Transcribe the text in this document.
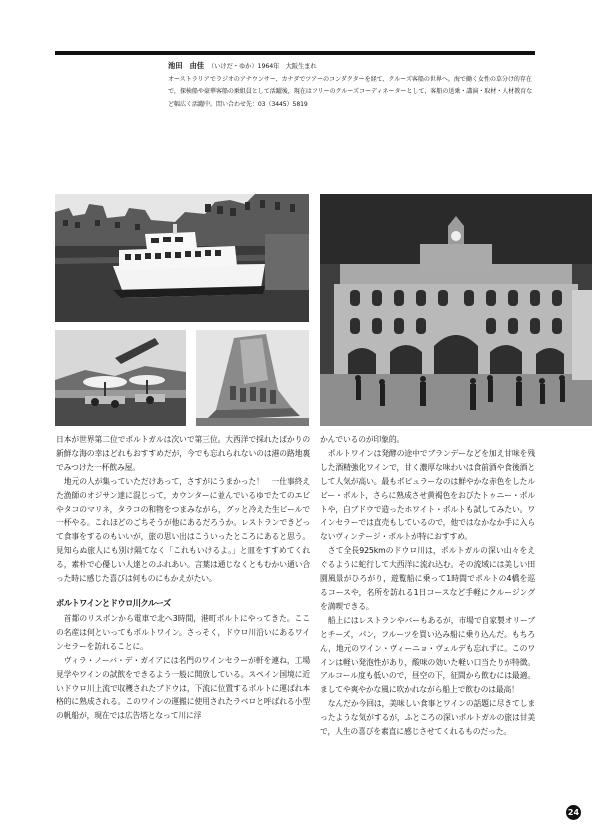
池田　由佳 （いけだ・ゆか）1964年　大阪生まれ
オーストラリアでラジオのアナウンサー、カナダでツアーのコンダクターを経て、クルーズ客船の世界へ。海で働く女性の草分け的存在で，探検船や豪華客船の乗組員として活躍後，現在はフリーのクルーズコーディネーターとして，客船の送乗・講演・取材・人材教育など幅広く活躍中。問い合わせ先：03（3445）5819

日本が世界第二位でポルトガルは次いで第三位。大西洋で採れたばかりの新鮮な海の幸はどれもおすすめだが，今でも忘れられないのは港の路地裏でみつけた一杯飲み屋。

地元の人が集っていただけあって，さすがにうまかった！　一仕事終えた漁師のオジサン達に混じって，カウンターに並んでいるゆでたてのエビやタコのマリネ，タラコの和物をつまみながら，グッと冷えた生ビールで一杯やる。これほどのごちそうが他にあるだろうか。レストランできどって食事をするのもいいが，旅の思い出はこういったところにあると思う。見知らぬ旅人にも別け隔てなく「これもいけるよ。」と皿をすすめてくれる，素朴で心優しい人達とのふれあい。言葉は通じなくともむかい通い合った時に感じた喜びは何ものにもかえがたい。

ポルトワインとドウロ川クルーズ

首都のリスボンから電車で北へ3時間，港町ポルトにやってきた。ここの名産は何といってもポルトワイン。さっそく，ドウロ川沿いにあるワインセラーを訪れることに。

ヴィラ・ノーバ・デ・ガイアには名門のワインセラーが軒を連ね，工場見学やワインの試飲をできるよう一般に開放している。スペイン国境に近いドウロ川上流で収穫されたブドウは，下流に位置するポルトに運ばれ本格的に熟成される。このワインの運搬に使用されたラベロと呼ばれる小型の帆船が，現在では広告塔となって川に浮

かんでいるのが印象的。

ポルトワインは発酵の途中でブランデーなどを加え甘味を残した酒精強化ワインで，甘く濃厚な味わいは食前酒や食後酒として人気が高い。最もポピュラーなのは鮮やかな赤色をしたルビー・ポルト，さらに熟成させ黄褐色をおびたトゥニー・ポルトや，白ブドウで造ったホワイト・ポルトも試してみたい。ワインセラーでは直売もしているので，他ではなかなか手に入らないヴィンテージ・ポルトが特におすすめ。

さて全長925kmのドウロ川は，ポルトガルの深い山々をえぐるように蛇行して大西洋に流れ込む。その流域には美しい田園風景がひろがり，遊覧船に乗って1時間でポルトの4橋を巡るコースや，名所を訪れる1日コースなど手軽にクルージングを満喫できる。

船上にはレストランやバーもあるが，市場で自家製オリーブとチーズ，パン，フルーツを買い込み船に乗り込んだ。もちろん，地元のワイン・ヴィーニョ・ヴェルデも忘れずに。このワインは軽い発泡性があり，酸味の効いた軽い口当たりが特徴。アルコール度も低いので，昼空の下，征間から飲むには最適。ましてや爽やかな風に吹かれながら船上で飲むのは最高！

なんだか今回は，美味しい食事とワインの話題に尽きてしまったような気がするが，ふところの深いポルトガルの旅は甘美で，人生の喜びを素直に感じさせてくれるものだった。

24
